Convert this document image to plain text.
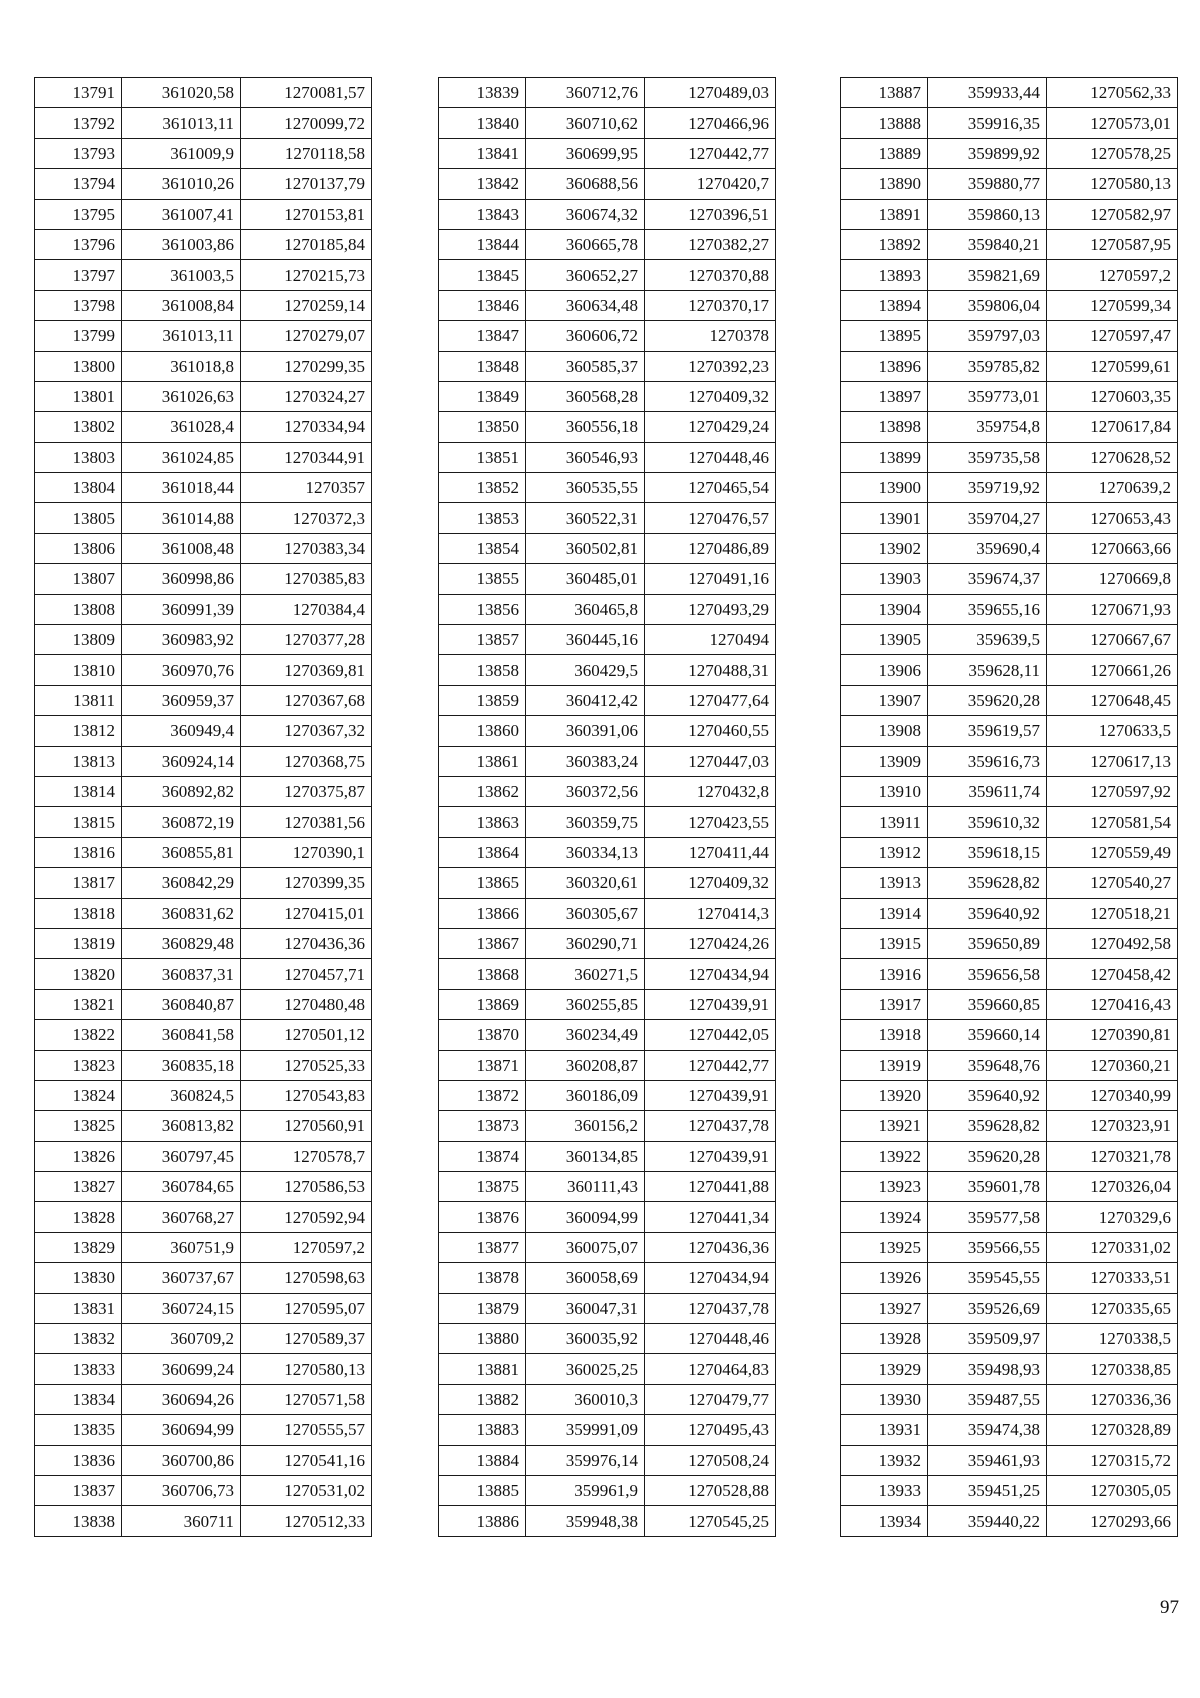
13791	361020,58	1270081,57
13792	361013,11	1270099,72
13793	361009,9	1270118,58
13794	361010,26	1270137,79
13795	361007,41	1270153,81
13796	361003,86	1270185,84
13797	361003,5	1270215,73
13798	361008,84	1270259,14
13799	361013,11	1270279,07
13800	361018,8	1270299,35
13801	361026,63	1270324,27
13802	361028,4	1270334,94
13803	361024,85	1270344,91
13804	361018,44	1270357
13805	361014,88	1270372,3
13806	361008,48	1270383,34
13807	360998,86	1270385,83
13808	360991,39	1270384,4
13809	360983,92	1270377,28
13810	360970,76	1270369,81
13811	360959,37	1270367,68
13812	360949,4	1270367,32
13813	360924,14	1270368,75
13814	360892,82	1270375,87
13815	360872,19	1270381,56
13816	360855,81	1270390,1
13817	360842,29	1270399,35
13818	360831,62	1270415,01
13819	360829,48	1270436,36
13820	360837,31	1270457,71
13821	360840,87	1270480,48
13822	360841,58	1270501,12
13823	360835,18	1270525,33
13824	360824,5	1270543,83
13825	360813,82	1270560,91
13826	360797,45	1270578,7
13827	360784,65	1270586,53
13828	360768,27	1270592,94
13829	360751,9	1270597,2
13830	360737,67	1270598,63
13831	360724,15	1270595,07
13832	360709,2	1270589,37
13833	360699,24	1270580,13
13834	360694,26	1270571,58
13835	360694,99	1270555,57
13836	360700,86	1270541,16
13837	360706,73	1270531,02
13838	360711	1270512,33
13839	360712,76	1270489,03
13840	360710,62	1270466,96
13841	360699,95	1270442,77
13842	360688,56	1270420,7
13843	360674,32	1270396,51
13844	360665,78	1270382,27
13845	360652,27	1270370,88
13846	360634,48	1270370,17
13847	360606,72	1270378
13848	360585,37	1270392,23
13849	360568,28	1270409,32
13850	360556,18	1270429,24
13851	360546,93	1270448,46
13852	360535,55	1270465,54
13853	360522,31	1270476,57
13854	360502,81	1270486,89
13855	360485,01	1270491,16
13856	360465,8	1270493,29
13857	360445,16	1270494
13858	360429,5	1270488,31
13859	360412,42	1270477,64
13860	360391,06	1270460,55
13861	360383,24	1270447,03
13862	360372,56	1270432,8
13863	360359,75	1270423,55
13864	360334,13	1270411,44
13865	360320,61	1270409,32
13866	360305,67	1270414,3
13867	360290,71	1270424,26
13868	360271,5	1270434,94
13869	360255,85	1270439,91
13870	360234,49	1270442,05
13871	360208,87	1270442,77
13872	360186,09	1270439,91
13873	360156,2	1270437,78
13874	360134,85	1270439,91
13875	360111,43	1270441,88
13876	360094,99	1270441,34
13877	360075,07	1270436,36
13878	360058,69	1270434,94
13879	360047,31	1270437,78
13880	360035,92	1270448,46
13881	360025,25	1270464,83
13882	360010,3	1270479,77
13883	359991,09	1270495,43
13884	359976,14	1270508,24
13885	359961,9	1270528,88
13886	359948,38	1270545,25
13887	359933,44	1270562,33
13888	359916,35	1270573,01
13889	359899,92	1270578,25
13890	359880,77	1270580,13
13891	359860,13	1270582,97
13892	359840,21	1270587,95
13893	359821,69	1270597,2
13894	359806,04	1270599,34
13895	359797,03	1270597,47
13896	359785,82	1270599,61
13897	359773,01	1270603,35
13898	359754,8	1270617,84
13899	359735,58	1270628,52
13900	359719,92	1270639,2
13901	359704,27	1270653,43
13902	359690,4	1270663,66
13903	359674,37	1270669,8
13904	359655,16	1270671,93
13905	359639,5	1270667,67
13906	359628,11	1270661,26
13907	359620,28	1270648,45
13908	359619,57	1270633,5
13909	359616,73	1270617,13
13910	359611,74	1270597,92
13911	359610,32	1270581,54
13912	359618,15	1270559,49
13913	359628,82	1270540,27
13914	359640,92	1270518,21
13915	359650,89	1270492,58
13916	359656,58	1270458,42
13917	359660,85	1270416,43
13918	359660,14	1270390,81
13919	359648,76	1270360,21
13920	359640,92	1270340,99
13921	359628,82	1270323,91
13922	359620,28	1270321,78
13923	359601,78	1270326,04
13924	359577,58	1270329,6
13925	359566,55	1270331,02
13926	359545,55	1270333,51
13927	359526,69	1270335,65
13928	359509,97	1270338,5
13929	359498,93	1270338,85
13930	359487,55	1270336,36
13931	359474,38	1270328,89
13932	359461,93	1270315,72
13933	359451,25	1270305,05
13934	359440,22	1270293,66
97
